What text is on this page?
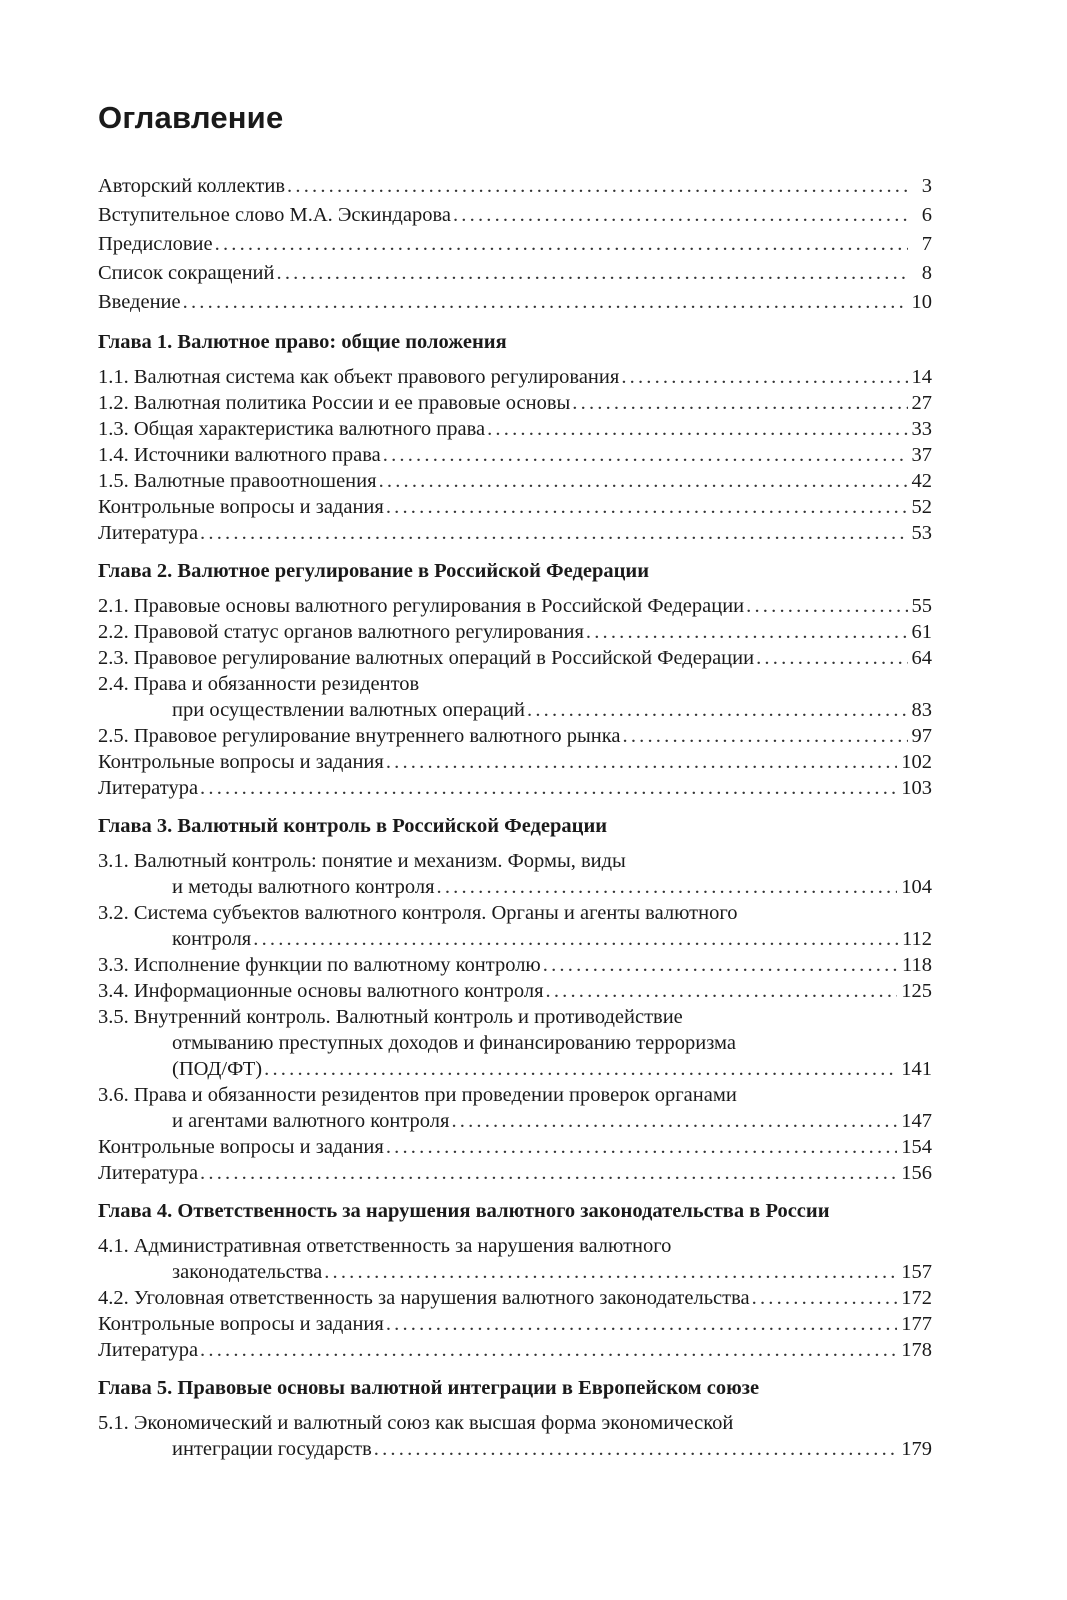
Оглавление
Авторский коллектив .....	3
Вступительное слово М.А. Эскиндарова .....	6
Предисловие .....	7
Список сокращений .....	8
Введение .....	10
Глава 1. Валютное право: общие положения
1.1. Валютная система как объект правового регулирования .....	14
1.2. Валютная политика России и ее правовые основы .....	27
1.3. Общая характеристика валютного права .....	33
1.4. Источники валютного права .....	37
1.5. Валютные правоотношения .....	42
Контрольные вопросы и задания .....	52
Литература .....	53
Глава 2. Валютное регулирование в Российской Федерации
2.1. Правовые основы валютного регулирования в Российской Федерации .....	55
2.2. Правовой статус органов валютного регулирования .....	61
2.3. Правовое регулирование валютных операций в Российской Федерации .....	64
2.4. Права и обязанности резидентов
при осуществлении валютных операций .....	83
2.5. Правовое регулирование внутреннего валютного рынка .....	97
Контрольные вопросы и задания .....	102
Литература .....	103
Глава 3. Валютный контроль в Российской Федерации
3.1. Валютный контроль: понятие и механизм. Формы, виды
и методы валютного контроля .....	104
3.2. Система субъектов валютного контроля. Органы и агенты валютного
контроля .....	112
3.3. Исполнение функции по валютному контролю .....	118
3.4. Информационные основы валютного контроля .....	125
3.5. Внутренний контроль. Валютный контроль и противодействие
отмыванию преступных доходов и финансированию терроризма
(ПОД/ФТ) .....	141
3.6. Права и обязанности резидентов при проведении проверок органами
и агентами валютного контроля .....	147
Контрольные вопросы и задания .....	154
Литература .....	156
Глава 4. Ответственность за нарушения валютного законодательства в России
4.1. Административная ответственность за нарушения валютного
законодательства .....	157
4.2. Уголовная ответственность за нарушения валютного законодательства .....	172
Контрольные вопросы и задания .....	177
Литература .....	178
Глава 5. Правовые основы валютной интеграции в Европейском союзе
5.1. Экономический и валютный союз как высшая форма экономической
интеграции государств .....	179
